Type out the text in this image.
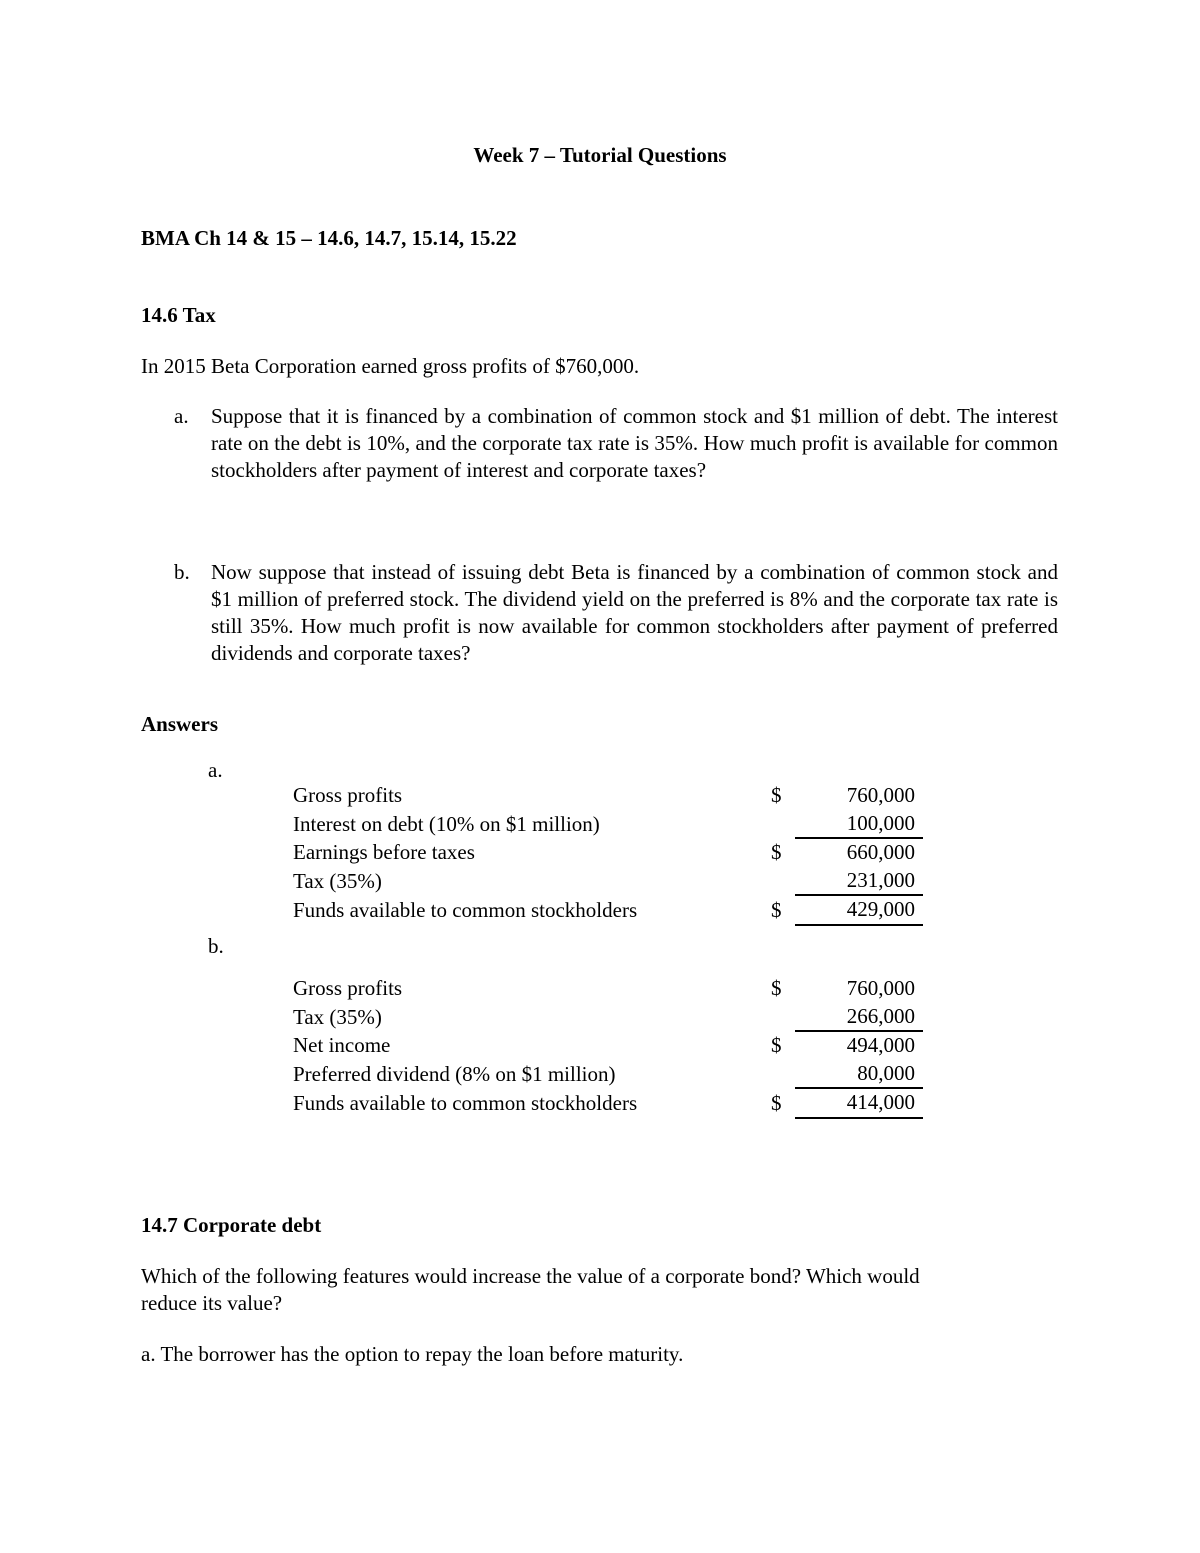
Week 7 – Tutorial Questions
BMA Ch 14 & 15 – 14.6, 14.7, 15.14, 15.22
14.6 Tax
In 2015 Beta Corporation earned gross profits of $760,000.
a. Suppose that it is financed by a combination of common stock and $1 million of debt. The interest rate on the debt is 10%, and the corporate tax rate is 35%. How much profit is available for common stockholders after payment of interest and corporate taxes?
b. Now suppose that instead of issuing debt Beta is financed by a combination of common stock and $1 million of preferred stock. The dividend yield on the preferred is 8% and the corporate tax rate is still 35%. How much profit is now available for common stockholders after payment of preferred dividends and corporate taxes?
Answers
a.
Gross profits	$	760,000
Interest on debt (10% on $1 million)		100,000
Earnings before taxes	$	660,000
Tax (35%)		231,000
Funds available to common stockholders	$	429,000
b.
Gross profits	$	760,000
Tax (35%)		266,000
Net income	$	494,000
Preferred dividend (8% on $1 million)		80,000
Funds available to common stockholders	$	414,000
14.7 Corporate debt
Which of the following features would increase the value of a corporate bond? Which would
reduce its value?
a. The borrower has the option to repay the loan before maturity.
